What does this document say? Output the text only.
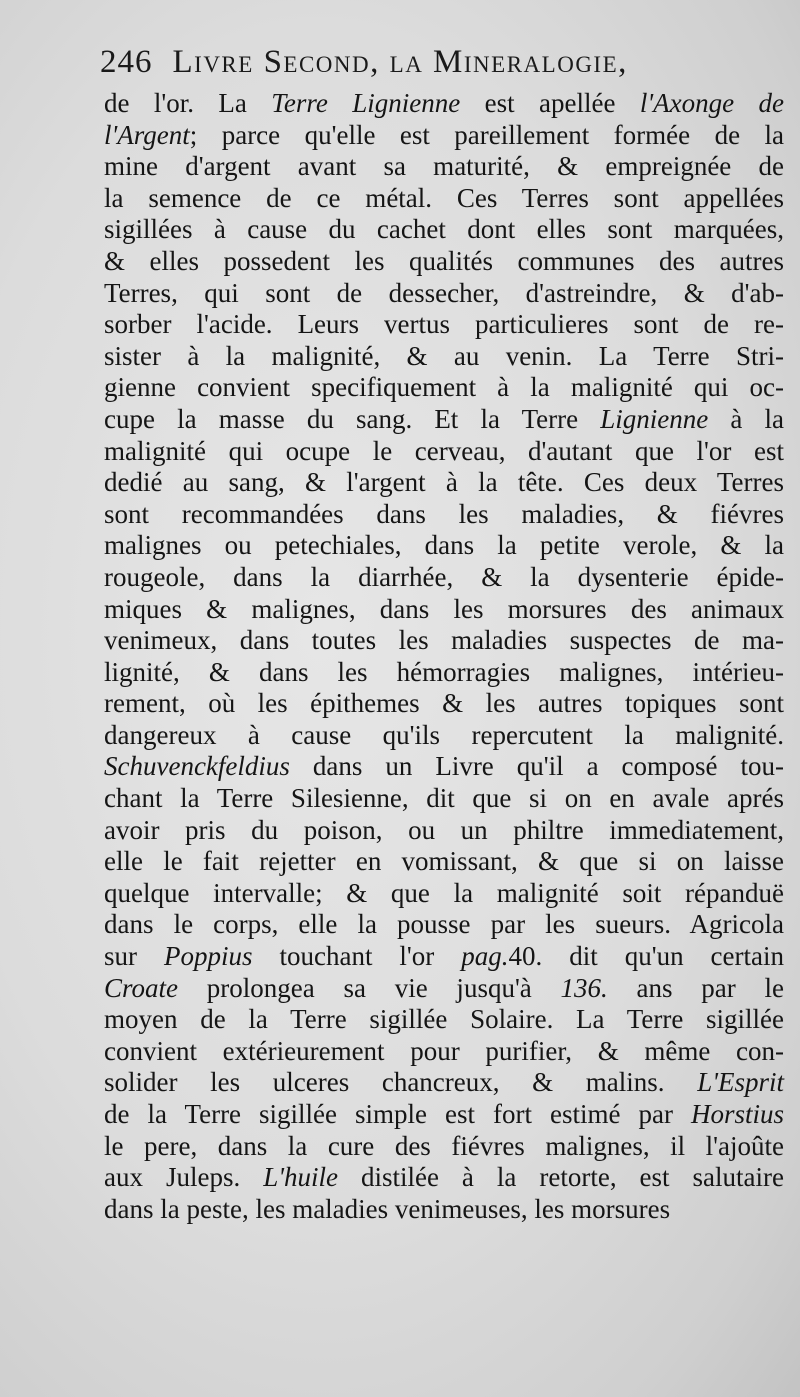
246 Livre Second, la Mineralogie,
de l'or. La Terre Lignienne est apellée l'Axonge de
l'Argent; parce qu'elle est pareillement formée de la
mine d'argent avant sa maturité, & empreignée de
la semence de ce métal. Ces Terres sont appellées
sigillées à cause du cachet dont elles sont marquées,
& elles possedent les qualités communes des autres
Terres, qui sont de dessecher, d'astreindre, & d'ab-
sorber l'acide. Leurs vertus particulieres sont de re-
sister à la malignité, & au venin. La Terre Stri-
gienne convient specifiquement à la malignité qui oc-
cupe la masse du sang. Et la Terre Lignienne à la
malignité qui ocupe le cerveau, d'autant que l'or est
dedié au sang, & l'argent à la tête. Ces deux Terres
sont recommandées dans les maladies, & fiévres
malignes ou petechiales, dans la petite verole, & la
rougeole, dans la diarrhée, & la dysenterie épide-
miques & malignes, dans les morsures des animaux
venimeux, dans toutes les maladies suspectes de ma-
lignité, & dans les hémorragies malignes, intérieu-
rement, où les épithemes & les autres topiques sont
dangereux à cause qu'ils repercutent la malignité.
Schuvenckfeldius dans un Livre qu'il a composé tou-
chant la Terre Silesienne, dit que si on en avale aprés
avoir pris du poison, ou un philtre immediatement,
elle le fait rejetter en vomissant, & que si on laisse
quelque intervalle; & que la malignité soit répanduë
dans le corps, elle la pousse par les sueurs. Agricola
sur Poppius touchant l'or pag.40. dit qu'un certain
Croate prolongea sa vie jusqu'à 136. ans par le
moyen de la Terre sigillée Solaire. La Terre sigillée
convient extérieurement pour purifier, & même con-
solider les ulceres chancreux, & malins. L'Esprit
de la Terre sigillée simple est fort estimé par Horstius
le pere, dans la cure des fiévres malignes, il l'ajoûte
aux Juleps. L'huile distilée à la retorte, est salutaire
dans la peste, les maladies venimeuses, les morsures
